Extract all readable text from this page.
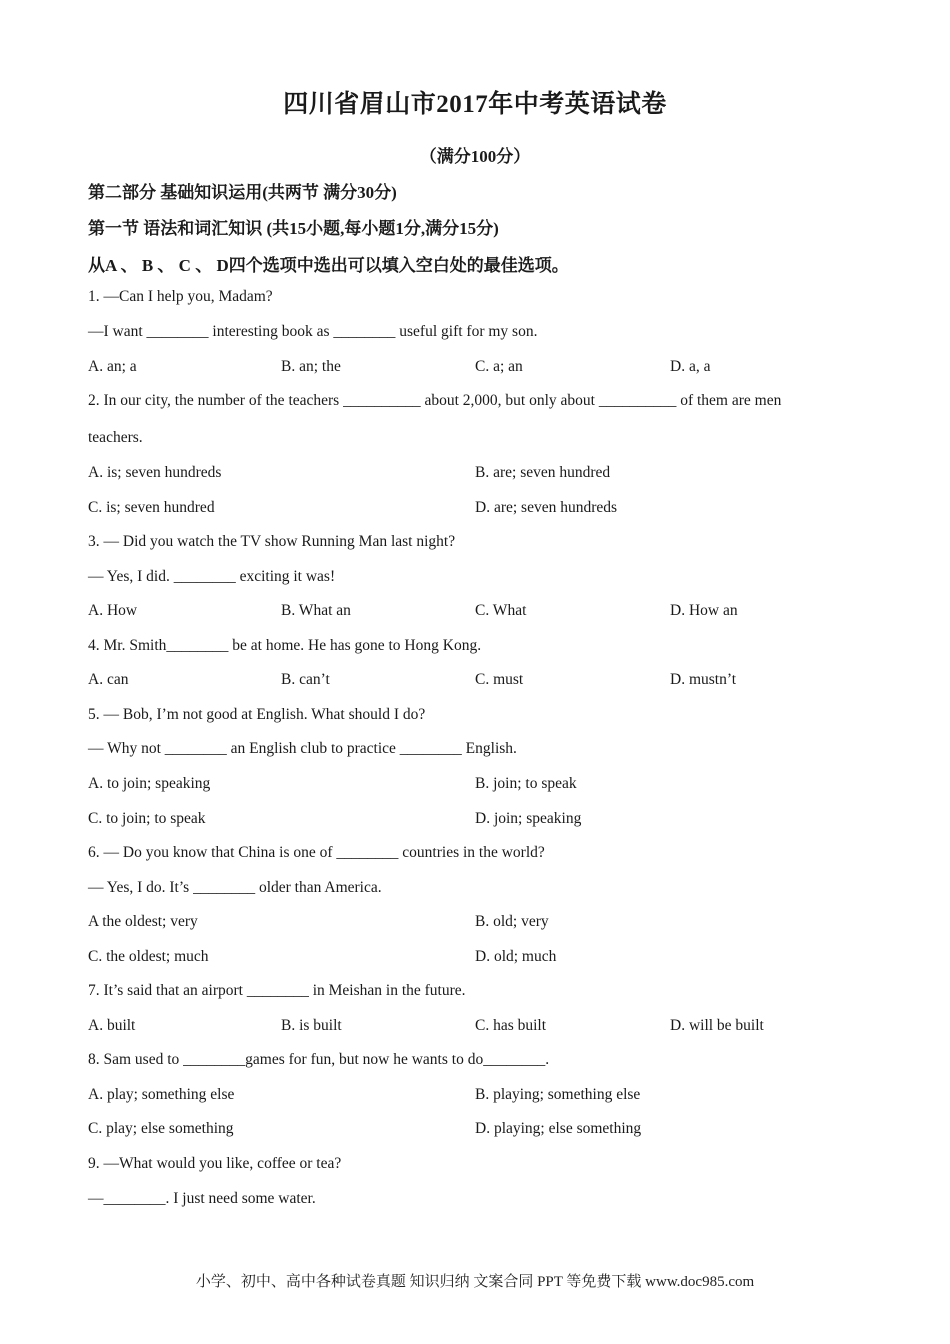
四川省眉山市2017年中考英语试卷
（满分100分）
第二部分 基础知识运用(共两节 满分30分)
第一节 语法和词汇知识 (共15小题,每小题1分,满分15分)
从A 、 B 、 C 、 D四个选项中选出可以填入空白处的最佳选项。
1. —Can I help you, Madam?
—I want ________ interesting book as ________ useful gift for my son.
A. an; a	B. an; the	C. a; an	D. a, a
2. In our city, the number of the teachers __________ about 2,000, but only about __________ of them are men
teachers.
A. is; seven hundreds	B. are; seven hundred
C. is; seven hundred	D. are; seven hundreds
3. — Did you watch the TV show Running Man last night?
— Yes, I did. ________ exciting it was!
A. How	B. What an	C. What	D. How an
4. Mr. Smith________ be at home. He has gone to Hong Kong.
A. can	B. can’t	C. must	D. mustn’t
5. — Bob, I’m not good at English. What should I do?
— Why not ________ an English club to practice ________ English.
A. to join; speaking	B. join; to speak
C. to join; to speak	D. join; speaking
6. — Do you know that China is one of ________ countries in the world?
— Yes, I do. It’s ________ older than America.
A the oldest; very	B. old; very
C. the oldest; much	D. old; much
7. It’s said that an airport ________ in Meishan in the future.
A. built	B. is built	C. has built	D. will be built
8. Sam used to ________games for fun, but now he wants to do________.
A. play; something else	B. playing; something else
C. play; else something	D. playing; else something
9. —What would you like, coffee or tea?
—________. I just need some water.
小学、初中、高中各种试卷真题 知识归纳 文案合同 PPT 等免费下载 www.doc985.com
